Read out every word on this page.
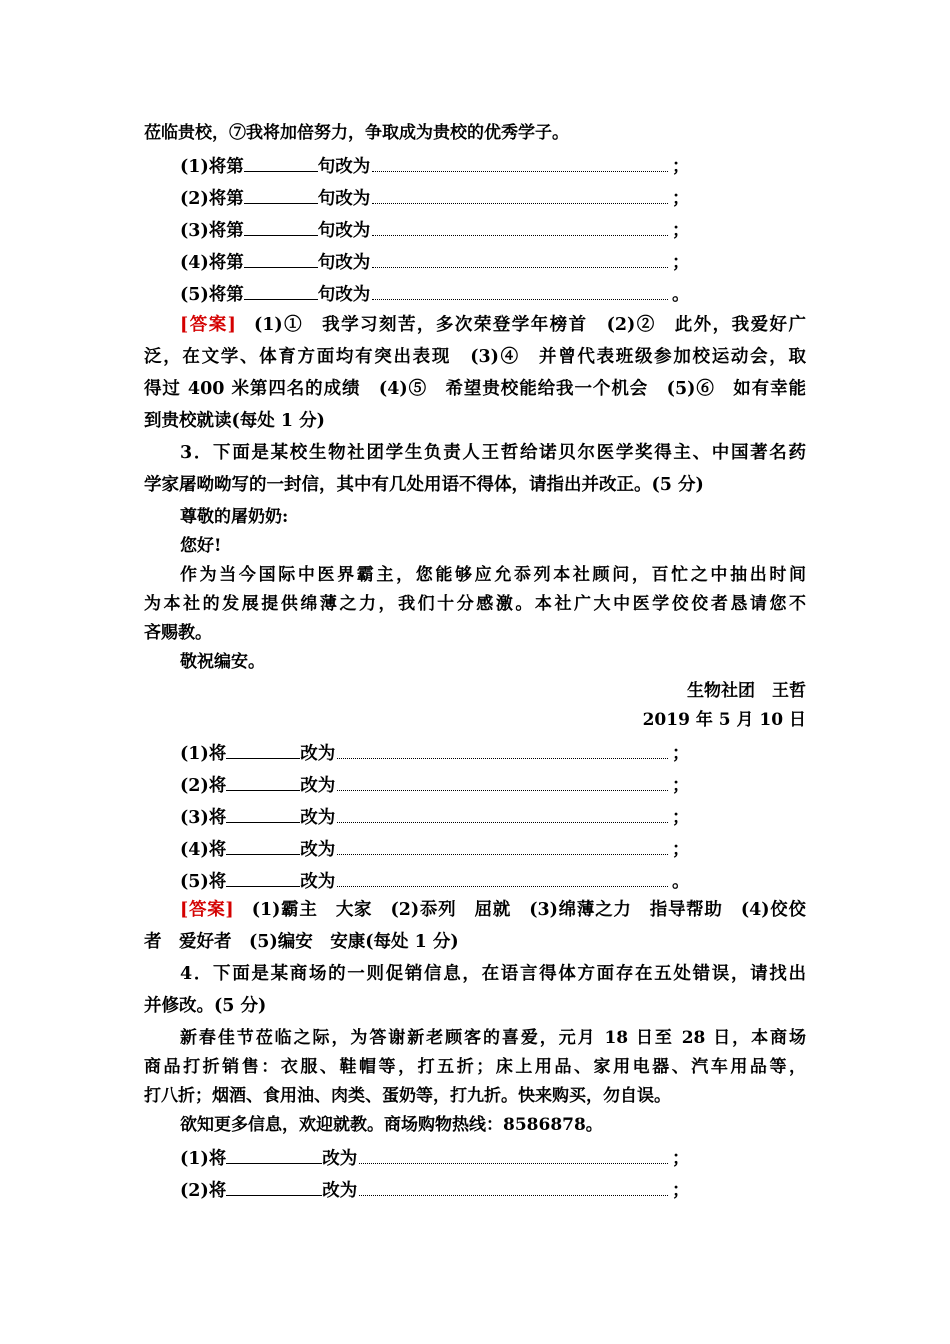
莅临贵校，⑦我将加倍努力，争取成为贵校的优秀学子。
(1)将第	句改为	；
(2)将第	句改为	；
(3)将第	句改为	；
(4)将第	句改为	；
(5)将第	句改为	。
[答案] (1)①　我学习刻苦，多次荣登学年榜首　(2)②　此外，我爱好广
泛，在文学、体育方面均有突出表现　(3)④　并曾代表班级参加校运动会，取
得过 400 米第四名的成绩　(4)⑤　希望贵校能给我一个机会　(5)⑥　如有幸能
到贵校就读(每处 1 分)
3．下面是某校生物社团学生负责人王哲给诺贝尔医学奖得主、中国著名药
学家屠呦呦写的一封信，其中有几处用语不得体，请指出并改正。(5 分)
尊敬的屠奶奶:
您好!
作为当今国际中医界霸主，您能够应允忝列本社顾问，百忙之中抽出时间
为本社的发展提供绵薄之力，我们十分感激。本社广大中医学佼佼者恳请您不
吝赐教。
敬祝编安。
生物社团　王哲
2019 年 5 月 10 日
(1)将	改为	；
(2)将	改为	；
(3)将	改为	；
(4)将	改为	；
(5)将	改为	。
[答案] (1)霸主　大家　(2)忝列　屈就　(3)绵薄之力　指导帮助　(4)佼佼
者　爱好者　(5)编安　安康(每处 1 分)
4．下面是某商场的一则促销信息，在语言得体方面存在五处错误，请找出
并修改。(5 分)
新春佳节莅临之际，为答谢新老顾客的喜爱，元月 18 日至 28 日，本商场
商品打折销售：衣服、鞋帽等，打五折；床上用品、家用电器、汽车用品等，
打八折；烟酒、食用油、肉类、蛋奶等，打九折。快来购买，勿自误。
欲知更多信息，欢迎就教。商场购物热线：8586878。
(1)将	改为	；
(2)将	改为	；
